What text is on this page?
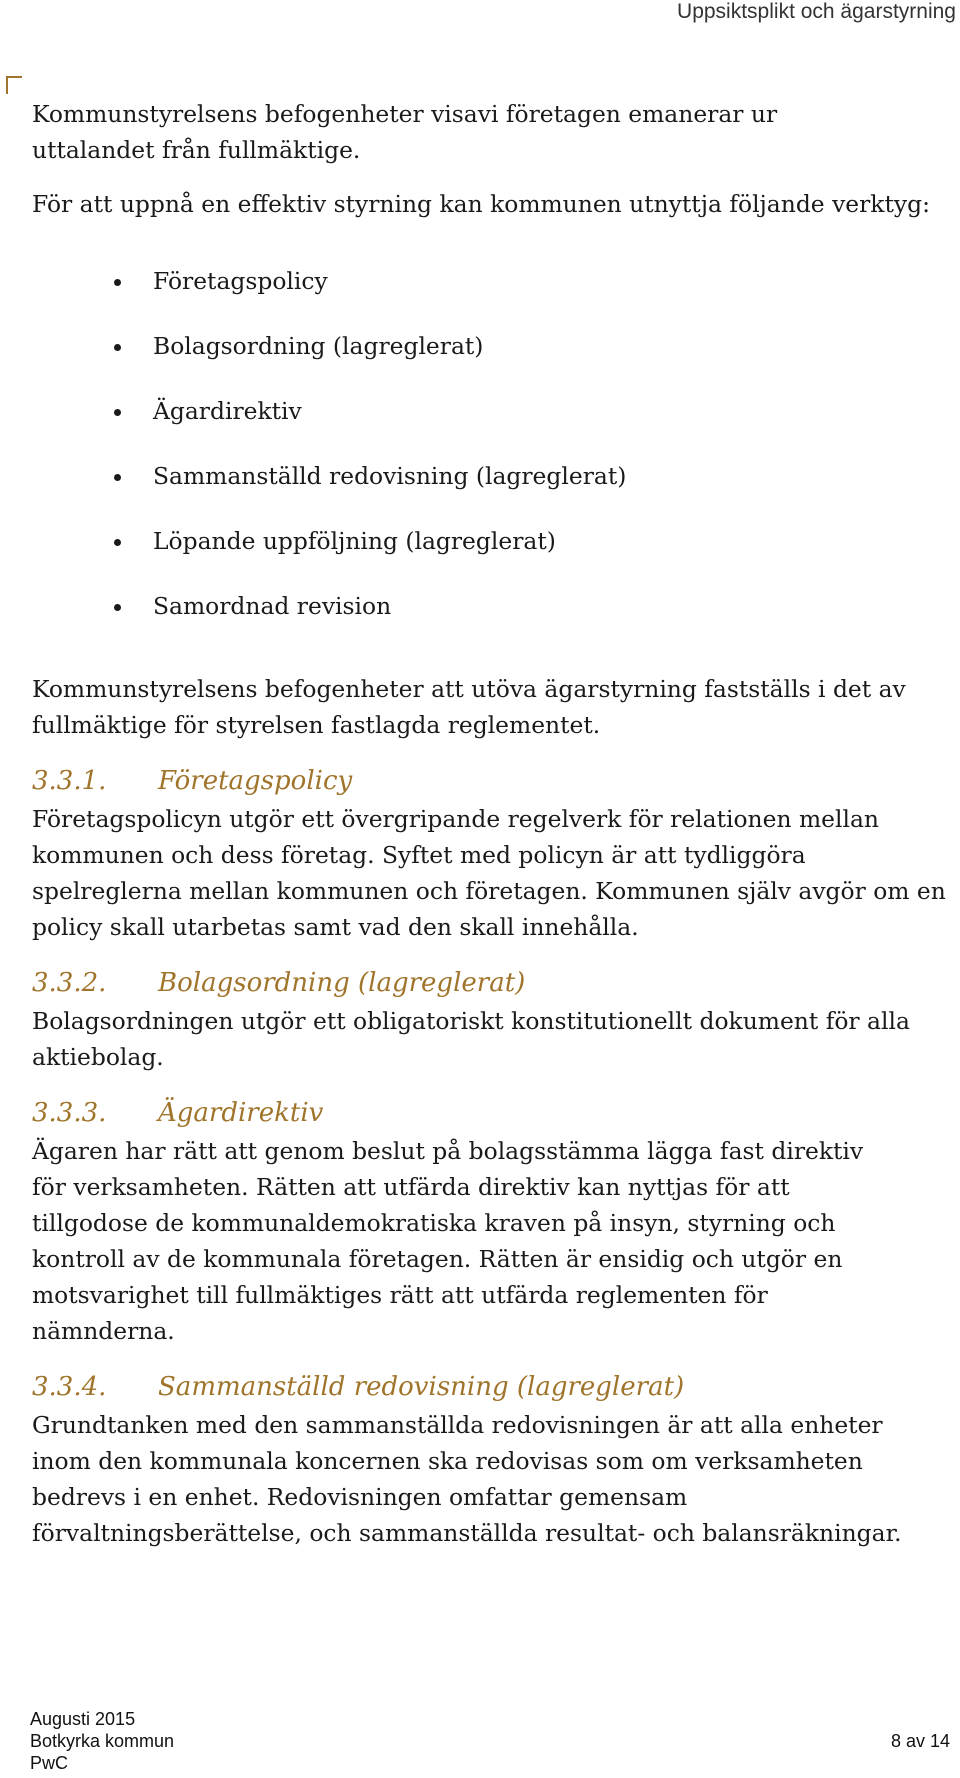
Uppsiktsplikt och ägarstyrning

Kommunstyrelsens befogenheter visavi företagen emanerar ur uttalandet från fullmäktige.

För att uppnå en effektiv styrning kan kommunen utnyttja följande verktyg:

Företagspolicy
Bolagsordning (lagreglerat)
Ägardirektiv
Sammanställd redovisning (lagreglerat)
Löpande uppföljning (lagreglerat)
Samordnad revision

Kommunstyrelsens befogenheter att utöva ägarstyrning fastställs i det av fullmäktige för styrelsen fastlagda reglementet.

3.3.1. Företagspolicy

Företagspolicyn utgör ett övergripande regelverk för relationen mellan kommunen och dess företag. Syftet med policyn är att tydliggöra spelreglerna mellan kommunen och företagen. Kommunen själv avgör om en policy skall utarbetas samt vad den skall innehålla.

3.3.2. Bolagsordning (lagreglerat)

Bolagsordningen utgör ett obligatoriskt konstitutionellt dokument för alla aktiebolag.

3.3.3. Ägardirektiv

Ägaren har rätt att genom beslut på bolagsstämma lägga fast direktiv för verksamheten. Rätten att utfärda direktiv kan nyttjas för att tillgodose de kommunaldemokratiska kraven på insyn, styrning och kontroll av de kommunala företagen. Rätten är ensidig och utgör en motsvarighet till fullmäktiges rätt att utfärda reglementen för nämnderna.

3.3.4. Sammanställd redovisning (lagreglerat)

Grundtanken med den sammanställda redovisningen är att alla enheter inom den kommunala koncernen ska redovisas som om verksamheten bedrevs i en enhet. Redovisningen omfattar gemensam förvaltningsberättelse, och sammanställda resultat- och balansräkningar.

Augusti 2015
Botkyrka kommun
PwC
8 av 14
